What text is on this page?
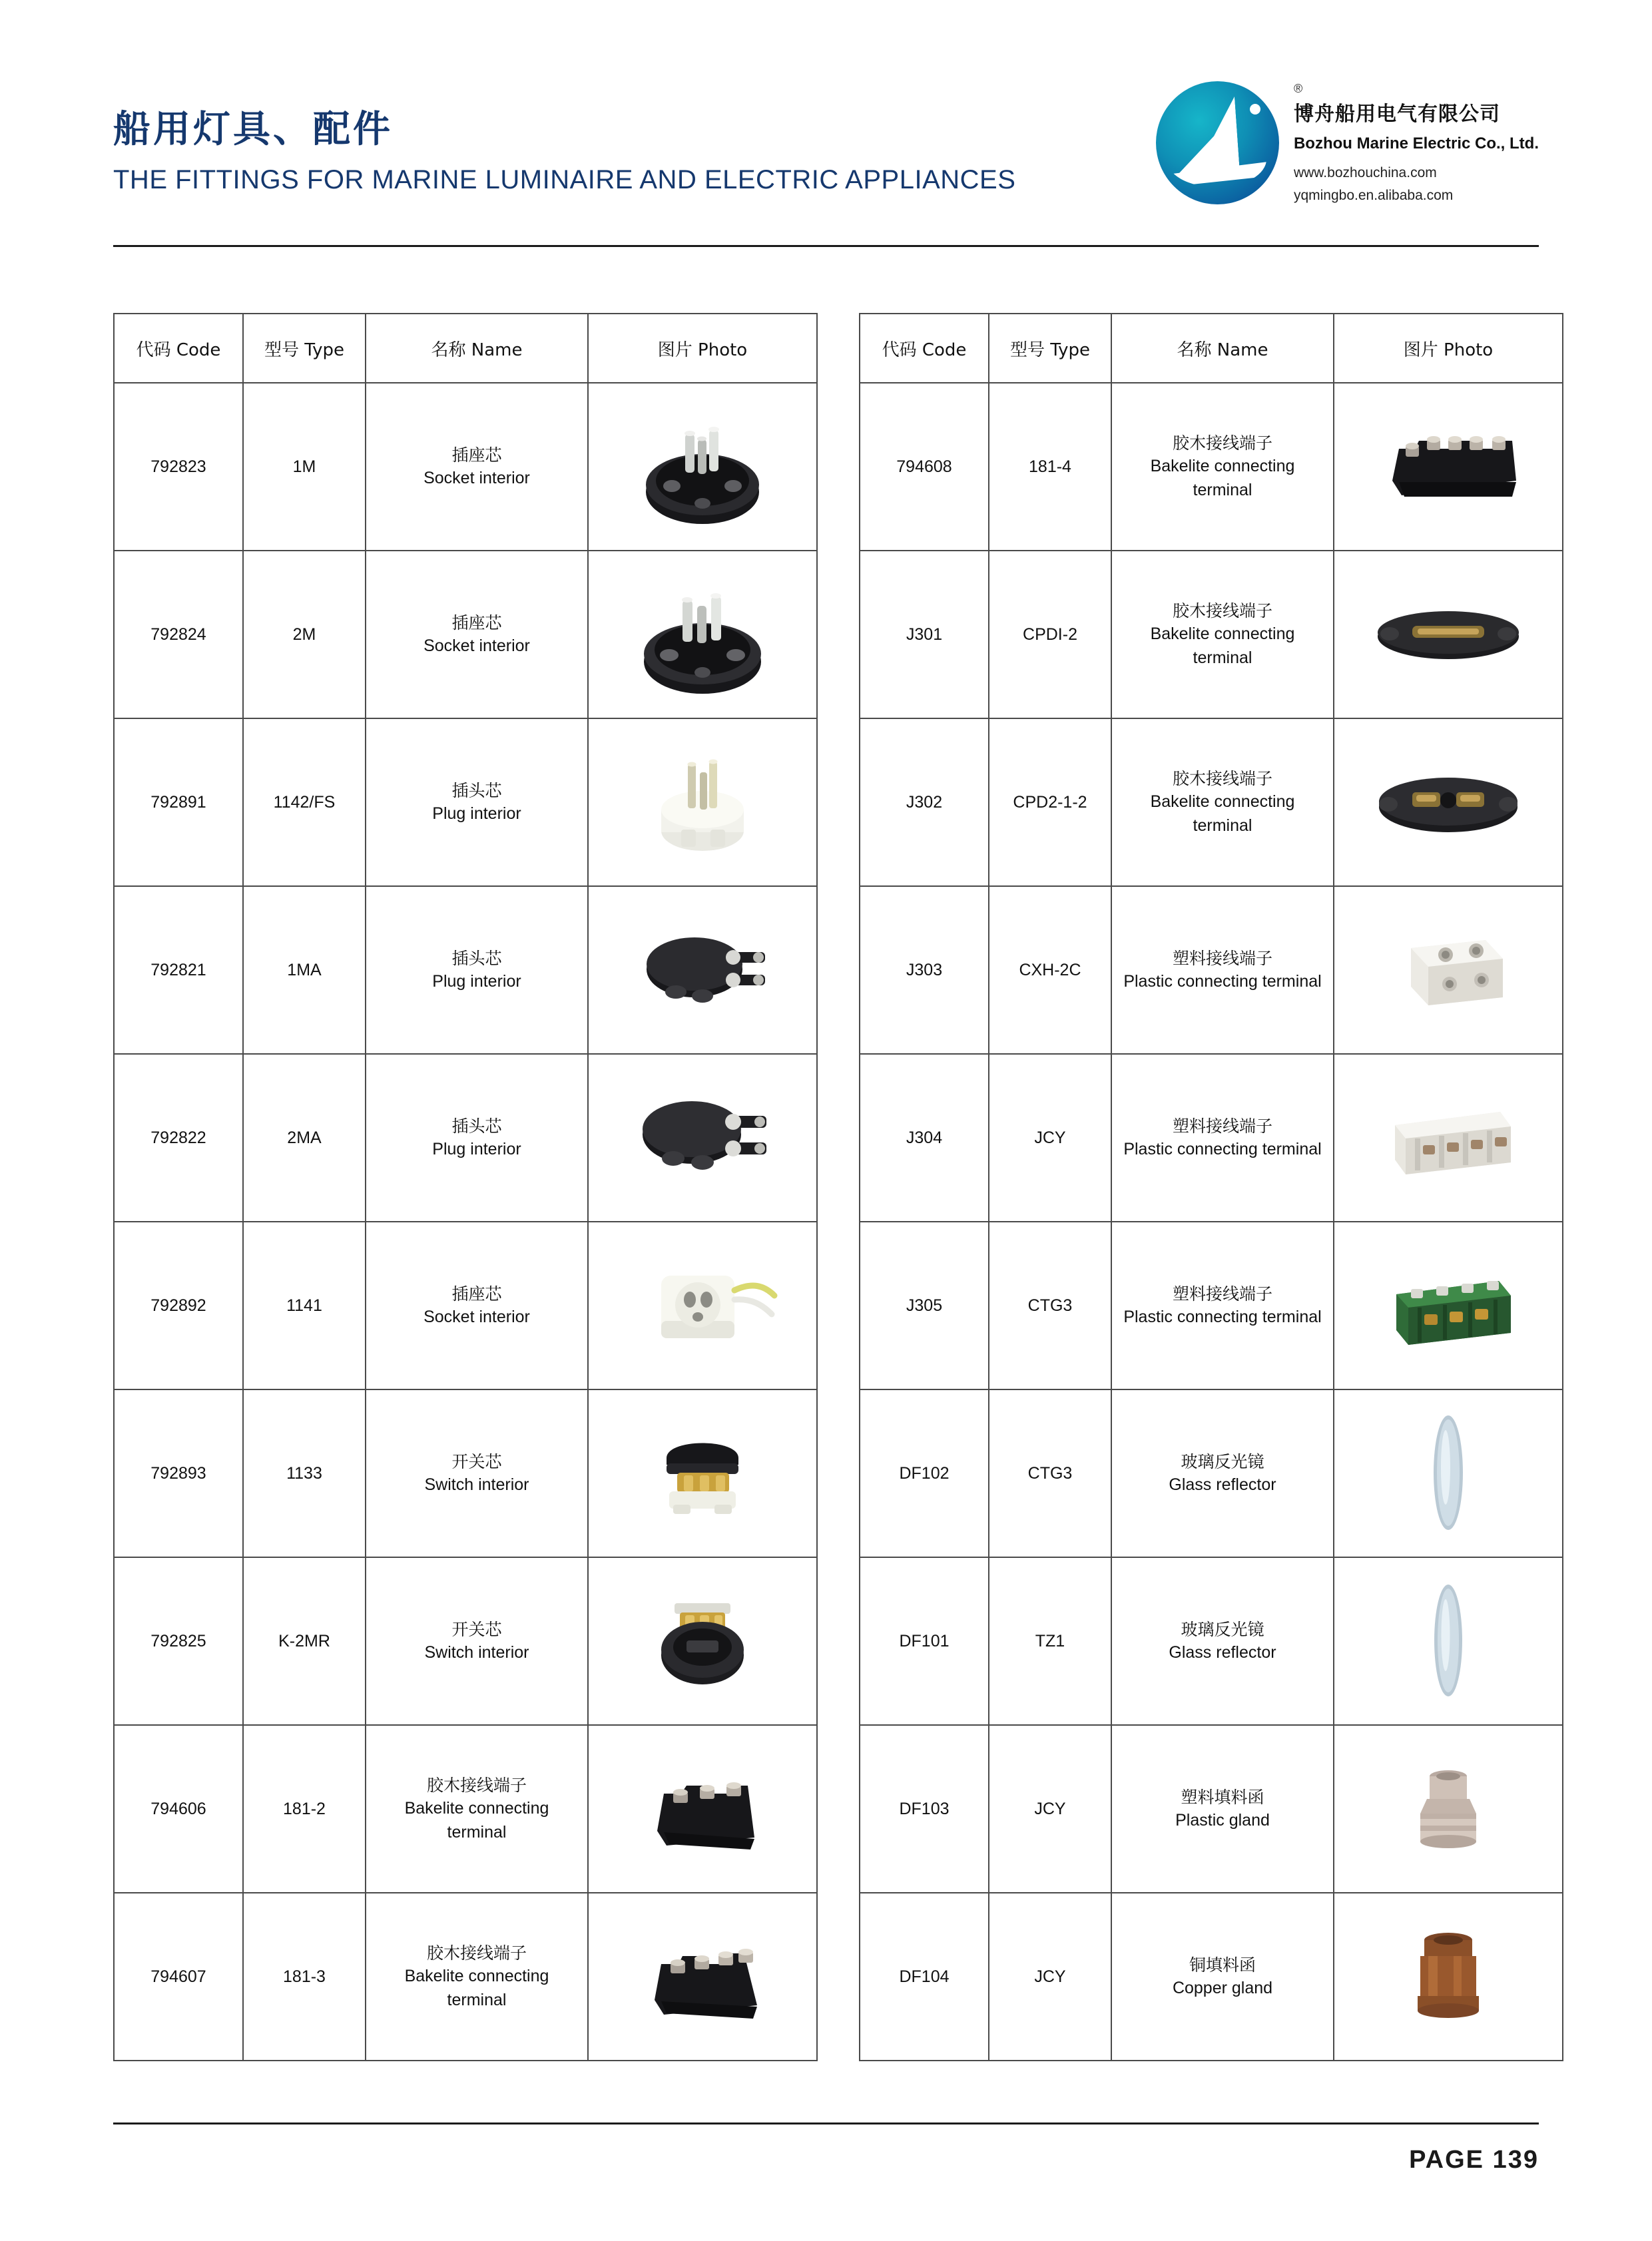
船用灯具、配件
THE FITTINGS FOR MARINE LUMINAIRE AND ELECTRIC APPLIANCES
®
博舟船用电气有限公司
Bozhou Marine Electric Co., Ltd.
www.bozhouchina.com
yqmingbo.en.alibaba.com
代码 Code	型号 Type	名称 Name	图片 Photo
792823	1M	插座芯
Socket interior

792824	2M	插座芯
Socket interior

792891	1142/FS	插头芯
Plug interior

792821	1MA	插头芯
Plug interior

792822	2MA	插头芯
Plug interior

792892	1141	插座芯
Socket interior

792893	1133	开关芯
Switch interior

792825	K-2MR	开关芯
Switch interior

794606	181-2	胶木接线端子
Bakelite connecting terminal

794607	181-3	胶木接线端子
Bakelite connecting terminal

代码 Code	型号 Type	名称 Name	图片 Photo
794608	181-4	胶木接线端子
Bakelite connecting terminal

J301	CPDI-2	胶木接线端子
Bakelite connecting terminal

J302	CPD2-1-2	胶木接线端子
Bakelite connecting terminal

J303	CXH-2C	塑料接线端子
Plastic connecting terminal

J304	JCY	塑料接线端子
Plastic connecting terminal

J305	CTG3	塑料接线端子
Plastic connecting terminal

DF102	CTG3	玻璃反光镜
Glass reflector

DF101	TZ1	玻璃反光镜
Glass reflector

DF103	JCY	塑料填料函
Plastic gland

DF104	JCY	铜填料函
Copper gland

PAGE 139
